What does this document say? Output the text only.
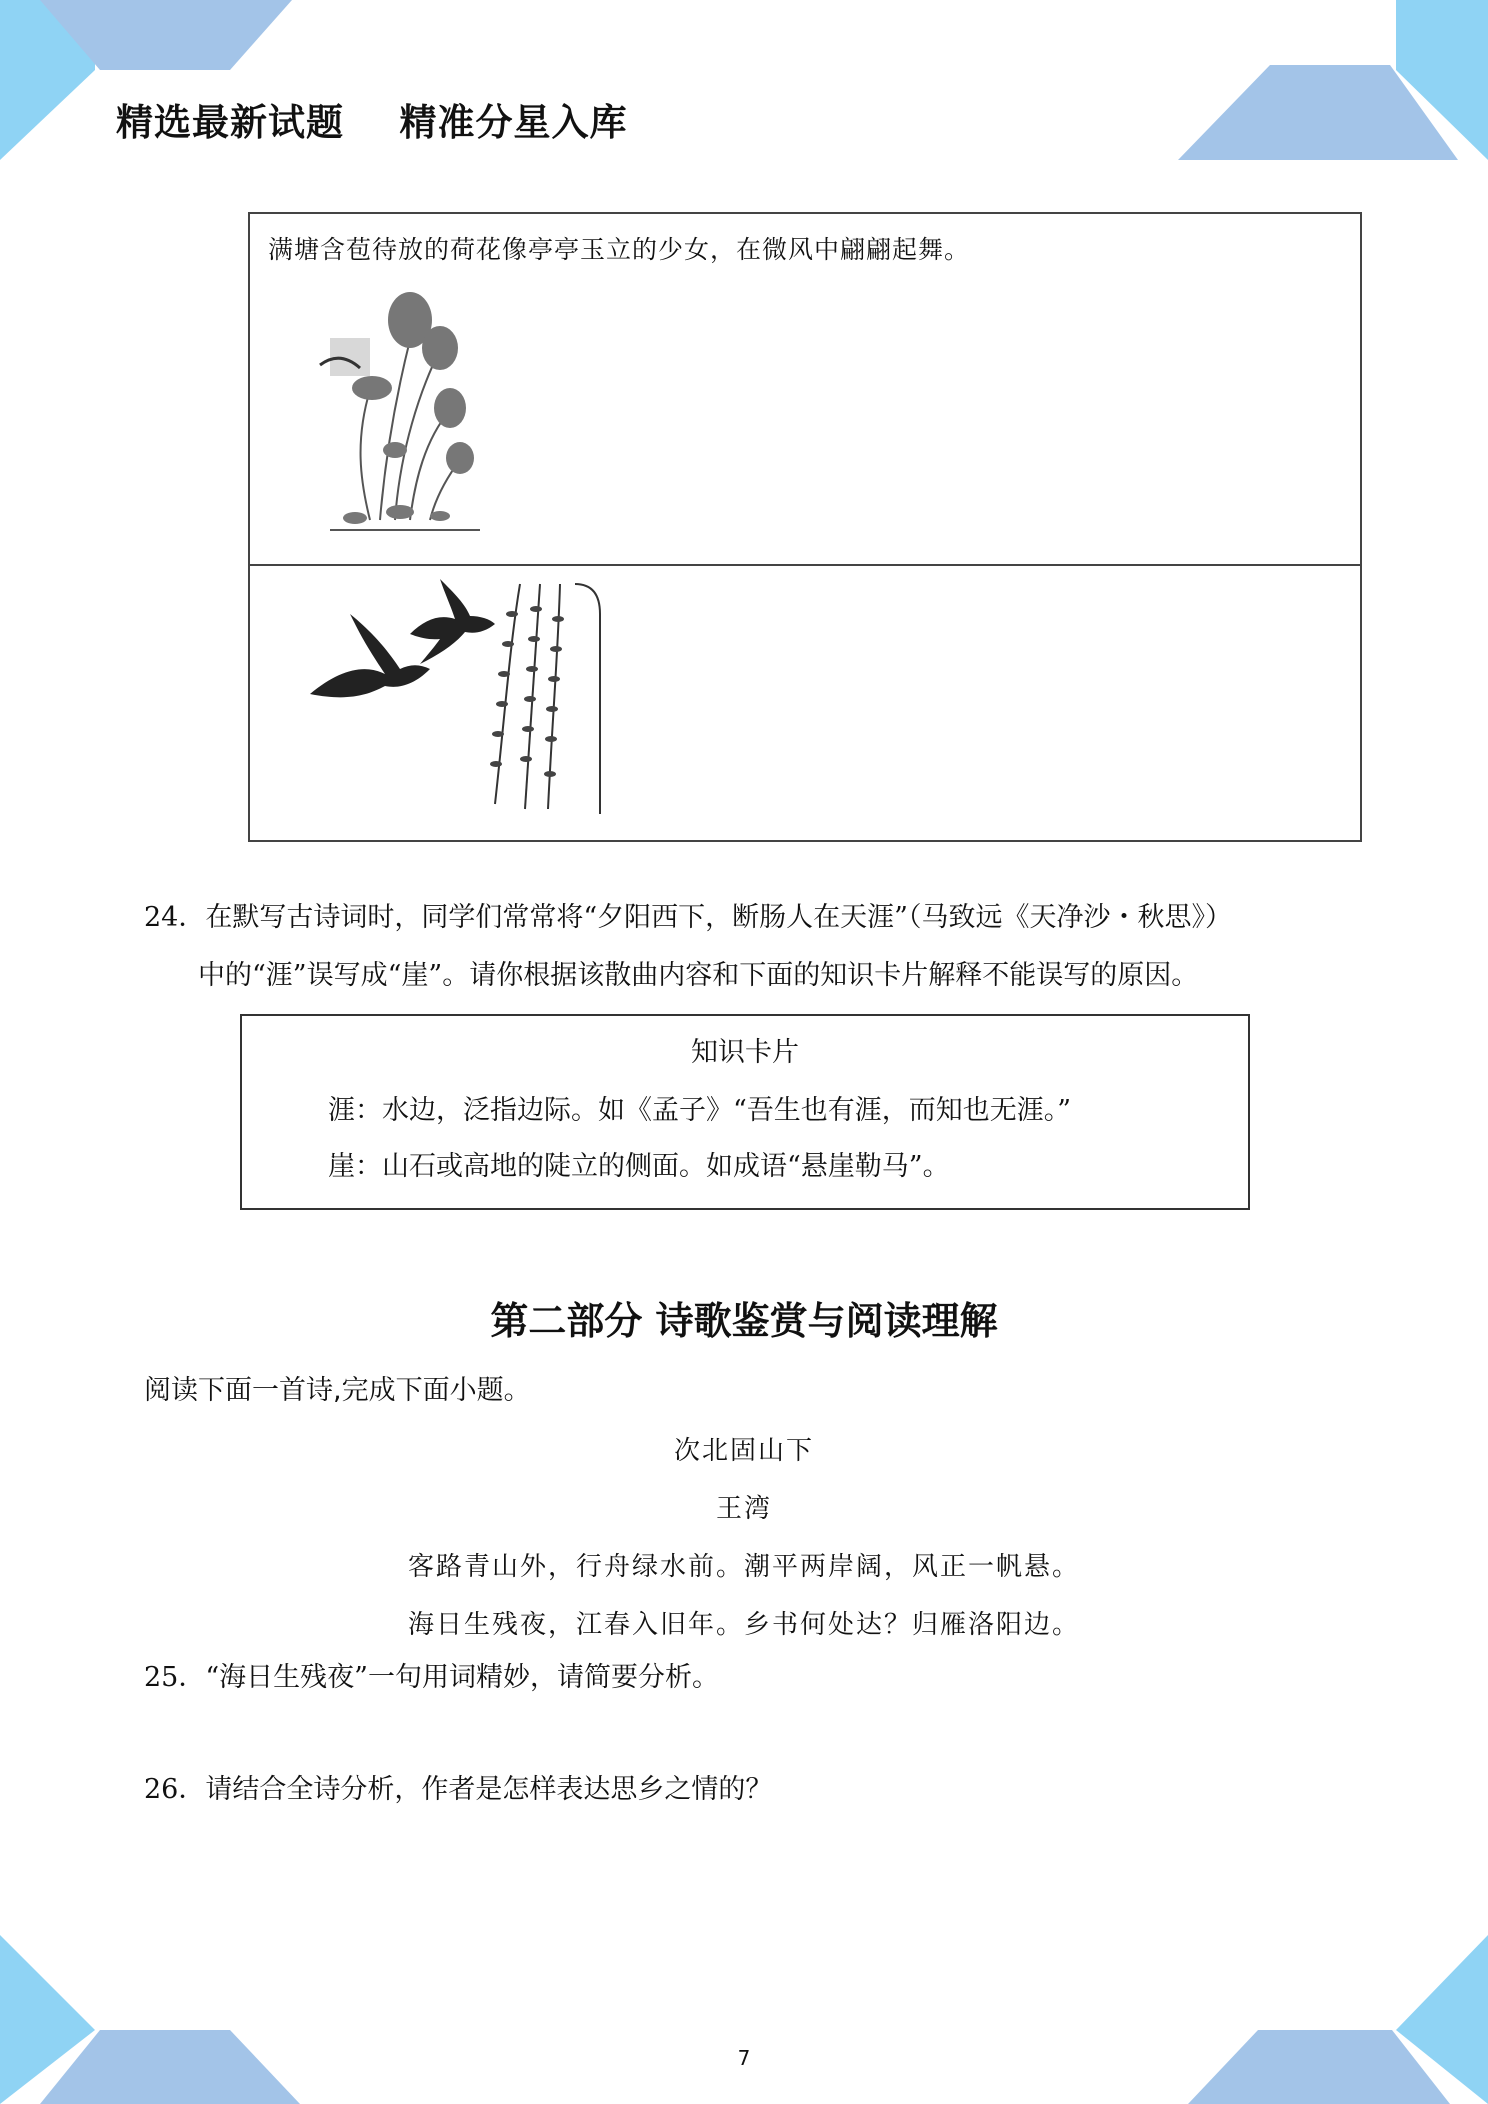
精选最新试题    精准分星入库
满塘含苞待放的荷花像亭亭玉立的少女，在微风中翩翩起舞。
24．在默写古诗词时，同学们常常将“夕阳西下，断肠人在天涯”（马致远《天净沙・秋思》）
中的“涯”误写成“崖”。请你根据该散曲内容和下面的知识卡片解释不能误写的原因。
知识卡片
涯：水边，泛指边际。如《孟子》“吾生也有涯，而知也无涯。”
崖：山石或高地的陡立的侧面。如成语“悬崖勒马”。
第二部分 诗歌鉴赏与阅读理解
阅读下面一首诗,完成下面小题。
次北固山下
王湾
客路青山外，行舟绿水前。潮平两岸阔，风正一帆悬。
海日生残夜，江春入旧年。乡书何处达？归雁洛阳边。
25．“海日生残夜”一句用词精妙，请简要分析。
26．请结合全诗分析，作者是怎样表达思乡之情的？
7
